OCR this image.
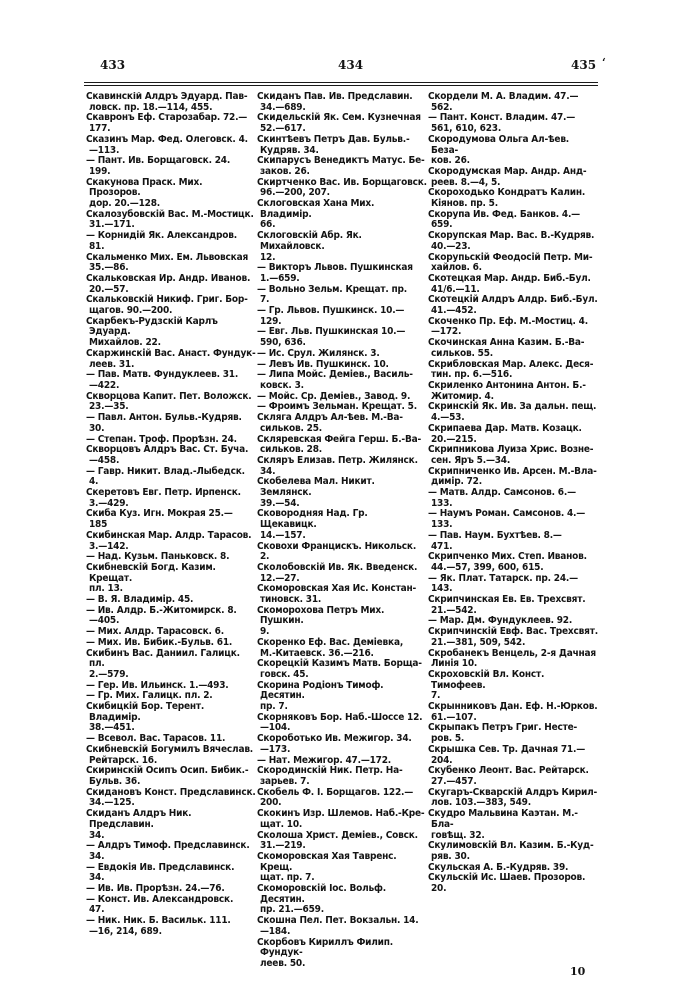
433	434	435 ‘
Скавинскій Алдръ Эдуард. Пав-
ловск. пр. 18.—114, 455.
Скавронъ Еф. Старозабар. 72.—
177.
Сказинъ Мар. Фед. Олеговск. 4.
—113.
— Пант. Ив. Борщаговск. 24.
199.
Скакунова Праск. Мих. Прозоров.
дор. 20.—128.
Скалозубовскій Вас. М.-Мостицк.
31.—171.
— Корнидій Як. Александров.
81.
Скальменко Мих. Ем. Львовская
35.—86.
Скальковская Ир. Андр. Иванов.
20.—57.
Скальковскій Никиф. Григ. Бор-
щагов. 90.—200.
Скарбекъ-Рудзскій Карлъ Эдуард.
Михайлов. 22.
Скаржинскій Вас. Анаст. Фундук-
леев. 31.
— Пав. Матв. Фундуклеев. 31.
—422.
Скворцова Капит. Пет. Воложск.
23.—35.
— Павл. Антон. Бульв.-Кудряв.
30.
— Степан. Троф. Прорѣзн. 24.
Скворцовъ Алдръ Вас. Ст. Буча.
—458.
— Гавр. Никит. Влад.-Лыбедск.
4.
Скеретовъ Евг. Петр. Ирпенск.
3.—429.
Скиба Куз. Игн. Мокрая 25.—
185
Скибинская Мар. Алдр. Тарасов.
3.—142.
— Над. Кузьм. Паньковск. 8.
Скибневскій Богд. Казим. Крещат.
пл. 13.
— В. Я. Владимір. 45.
— Ив. Алдр. Б.-Житомирск. 8.
—405.
— Мих. Алдр. Тарасовск. 6.
— Мих. Ив. Бибик.-Бульв. 61.
Скибинъ Вас. Даниил. Галицк. пл.
2.—579.
— Гер. Ив. Ильинск. 1.—493.
— Гр. Мих. Галицк. пл. 2.
Скибицкій Бор. Терент. Владимір.
38.—451.
— Всевол. Вас. Тарасов. 11.
Скибневскій Богумилъ Вячеслав.
Рейтарск. 16.
Скиринскій Осипъ Осип. Бибик.-
Бульв. 36.
Скидановъ Конст. Предславинск.
34.—125.
Скиданъ Алдръ Ник. Предславин.
34.
— Алдръ Тимоф. Предславинск.
34.
— Евдокія Ив. Предславинск.
34.
— Ив. Ив. Прорѣзн. 24.—76.
— Конст. Ив. Александровск.
47.
— Ник. Ник. Б. Васильк. 111.
—16, 214, 689.
Скиданъ Пав. Ив. Предславин.
34.—689.
Скидельскій Як. Сем. Кузнечная
52.—617.
Скинтѣевъ Петръ Дав. Бульв.-
Кудряв. 34.
Скипарусъ Венедиктъ Матус. Бе-
заков. 26.
Скиртченко Вас. Ив. Борщаговск.
96.—200, 207.
Склоговская Хана Мих. Владимір.
66.
Склоговскій Абр. Як. Михайловск.
12.
— Викторъ Львов. Пушкинская
1.—659.
— Вольно Зельм. Крещат. пр.
7.
— Гр. Львов. Пушкинск. 10.—
129.
— Евг. Льв. Пушкинская 10.—
590, 636.
— Ис. Срул. Жилянск. 3.
— Левъ Ив. Пушкинск. 10.
— Липа Мойс. Деміев., Василь-
ковск. 3.
— Мойс. Ср. Деміев., Завод. 9.
— Фроимъ Зельман. Крещат. 5.
Скляга Алдръ Ал-ѣев. М.-Ва-
сильков. 25.
Скляревская Фейга Герш. Б.-Ва-
сильков. 28.
Скляръ Елизав. Петр. Жилянск.
34.
Скобелева Мал. Никит. Землянск.
39.—54.
Сковородняя Над. Гр. Щекавицк.
14.—157.
Сковохи Францискъ. Никольск. 2.
Сколобовскій Ив. Як. Введенск.
12.—27.
Скоморовская Хая Ис. Констан-
тиновск. 31.
Скоморохова Петръ Мих. Пушкин.
9.
Скоренко Еф. Вас. Деміевка,
М.-Китаевск. 36.—216.
Скорецкій Казимъ Матв. Борща-
говск. 45.
Скорина Родіонъ Тимоф. Десятин.
пр. 7.
Скорняковъ Бор. Наб.-Шоссе 12.
—104.
Скороботько Ив. Межигор. 34.
—173.
— Нат. Межигор. 47.—172.
Скородинскій Ник. Петр. На-
зарьев. 7.
Скобель Ф. I. Борщагов. 122.—
200.
Скокинъ Изр. Шлемов. Наб.-Кре-
щат. 10.
Сколоша Христ. Деміев., Совск.
31.—219.
Скоморовская Хая Тавренс. Крещ.
щат. пр. 7.
Скоморовскій Іос. Вольф. Десятин.
пр. 21.—659.
Скошна Пел. Пет. Вокзальн. 14.
—184.
Скорбовъ Кириллъ Филип. Фундук-
леев. 50.
Скордели М. А. Владим. 47.—
562.
— Пант. Конст. Владим. 47.—
561, 610, 623.
Скородумова Ольга Ал-ѣев. Беза-
ков. 26.
Скородумская Мар. Андр. Анд-
реев. 8.—4, 5.
Скороходько Кондратъ Калин.
Кіянов. пр. 5.
Скорупа Ив. Фед. Банков. 4.—
659.
Скорупская Мар. Вас. В.-Кудряв.
40.—23.
Скорупьскій Феодосій Петр. Ми-
хайлов. 6.
Скотецкая Мар. Андр. Биб.-Бул.
41/6.—11.
Скотецкій Алдръ Алдр. Биб.-Бул.
41.—452.
Скоченко Пр. Еф. М.-Мостиц. 4.
—172.
Скочинская Анна Казим. Б.-Ва-
сильков. 55.
Скрибловская Мар. Алекс. Деся-
тин. пр. 6.—516.
Скриленко Антонина Антон. Б.-
Житомир. 4.
Скринскій Як. Ив. За дальн. пещ.
4.—53.
Скрипаева Дар. Матв. Козацк.
20.—215.
Скрипникова Луиза Хрис. Возне-
сен. Яръ 5.—34.
Скрипниченко Ив. Арсен. М.-Вла-
димір. 72.
— Матв. Алдр. Самсонов. 6.—
133.
— Наумъ Роман. Самсонов. 4.—
133.
— Пав. Наум. Бухтѣев. 8.—
471.
Скрипченко Мих. Степ. Иванов.
44.—57, 399, 600, 615.
— Як. Плат. Татарск. пр. 24.—
143.
Скрипчинская Ев. Ев. Трехсвят.
21.—542.
— Мар. Дм. Фундуклеев. 92.
Скрипчинскій Евф. Вас. Трехсвят.
21.—381, 509, 542.
Скробанекъ Венцель, 2-я Дачная
Линія 10.
Скроховскій Вл. Конст. Тимофеев.
7.
Скрынниковъ Дан. Еф. Н.-Юрков.
61.—107.
Скрыпакъ Петръ Григ. Несте-
ров. 5.
Скрышка Сев. Тр. Дачная 71.—
204.
Скубенко Леонт. Вас. Рейтарск.
27.—457.
Скугаръ-Скварскій Алдръ Кирил-
лов. 103.—383, 549.
Скудро Мальвина Каэтан. М.-Бла-
говѣщ. 32.
Скулимовскій Вл. Казим. Б.-Куд-
ряв. 30.
Скульская А. Б.-Кудряв. 39.
Скульскій Ис. Шаев. Прозоров.
20.
10
